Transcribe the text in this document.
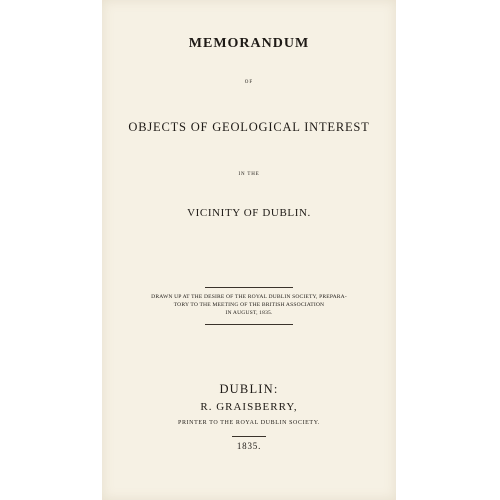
MEMORANDUM
OF
OBJECTS OF GEOLOGICAL INTEREST
IN THE
VICINITY OF DUBLIN.
DRAWN UP AT THE DESIRE OF THE ROYAL DUBLIN SOCIETY, PREPARA-
TORY TO THE MEETING OF THE BRITISH ASSOCIATION
IN AUGUST, 1835.
DUBLIN:
R. GRAISBERRY,
PRINTER TO THE ROYAL DUBLIN SOCIETY.
1835.
